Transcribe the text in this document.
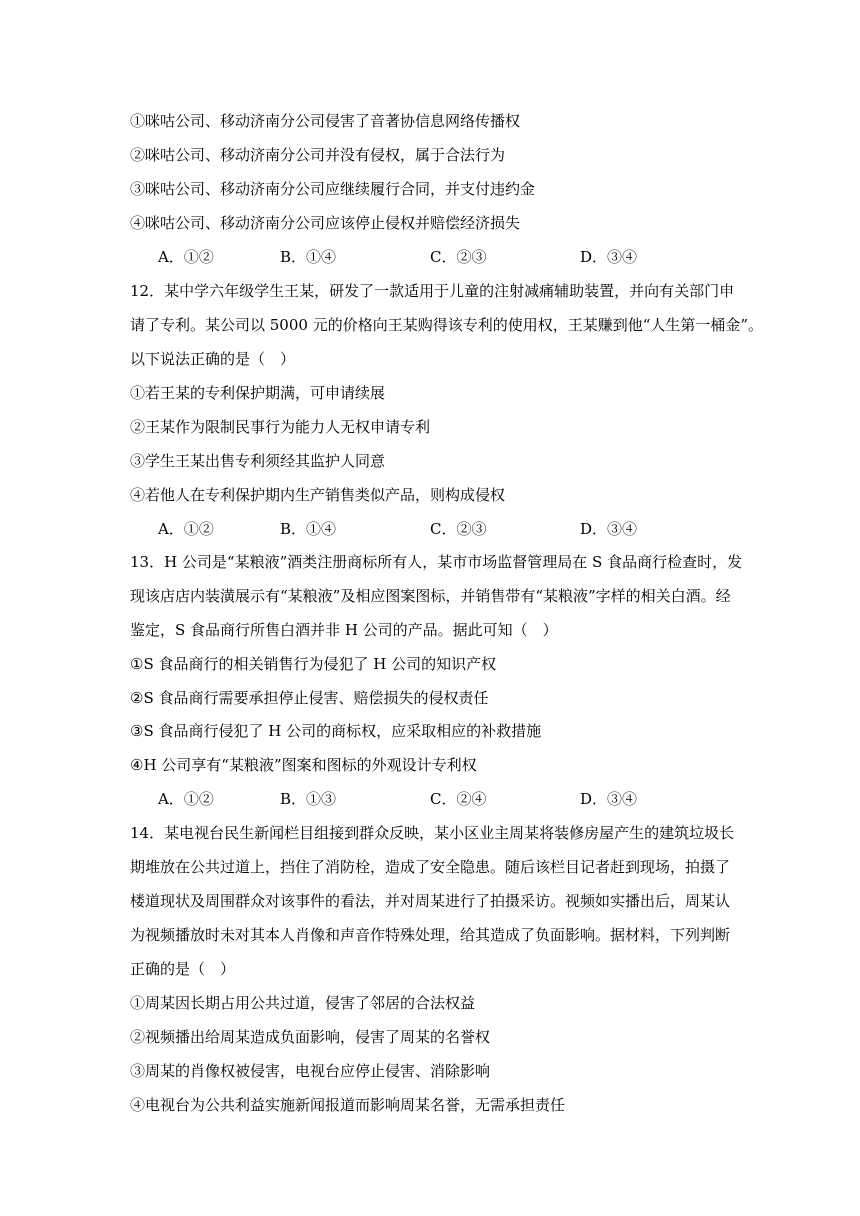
①咪咕公司、移动济南分公司侵害了音著协信息网络传播权
②咪咕公司、移动济南分公司并没有侵权，属于合法行为
③咪咕公司、移动济南分公司应继续履行合同，并支付违约金
④咪咕公司、移动济南分公司应该停止侵权并赔偿经济损失
A．①②	B．①④	C．②③	D．③④
12．某中学六年级学生王某，研发了一款适用于儿童的注射减痛辅助装置，并向有关部门申
请了专利。某公司以 5000 元的价格向王某购得该专利的使用权，王某赚到他“人生第一桶金”。
以下说法正确的是（　）
①若王某的专利保护期满，可申请续展
②王某作为限制民事行为能力人无权申请专利
③学生王某出售专利须经其监护人同意
④若他人在专利保护期内生产销售类似产品，则构成侵权
A．①②	B．①④	C．②③	D．③④
13．H 公司是“某粮液”酒类注册商标所有人，某市市场监督管理局在 S 食品商行检查时，发
现该店店内装潢展示有“某粮液”及相应图案图标，并销售带有“某粮液”字样的相关白酒。经
鉴定，S 食品商行所售白酒并非 H 公司的产品。据此可知（　）
①S 食品商行的相关销售行为侵犯了 H 公司的知识产权
②S 食品商行需要承担停止侵害、赔偿损失的侵权责任
③S 食品商行侵犯了 H 公司的商标权，应采取相应的补救措施
④H 公司享有“某粮液”图案和图标的外观设计专利权
A．①②	B．①③	C．②④	D．③④
14．某电视台民生新闻栏目组接到群众反映，某小区业主周某将装修房屋产生的建筑垃圾长
期堆放在公共过道上，挡住了消防栓，造成了安全隐患。随后该栏目记者赶到现场，拍摄了
楼道现状及周围群众对该事件的看法，并对周某进行了拍摄采访。视频如实播出后，周某认
为视频播放时未对其本人肖像和声音作特殊处理，给其造成了负面影响。据材料，下列判断
正确的是（　）
①周某因长期占用公共过道，侵害了邻居的合法权益
②视频播出给周某造成负面影响，侵害了周某的名誉权
③周某的肖像权被侵害，电视台应停止侵害、消除影响
④电视台为公共利益实施新闻报道而影响周某名誉，无需承担责任
